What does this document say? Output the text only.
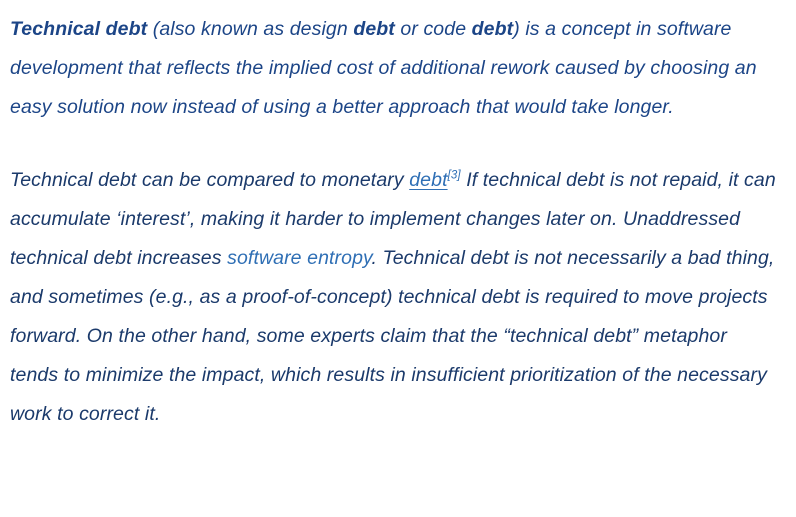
Technical debt (also known as design debt or code debt) is a concept in software development that reflects the implied cost of additional rework caused by choosing an easy solution now instead of using a better approach that would take longer.

Technical debt can be compared to monetary debt[3] If technical debt is not repaid, it can accumulate ‘interest’, making it harder to implement changes later on. Unaddressed technical debt increases software entropy. Technical debt is not necessarily a bad thing, and sometimes (e.g., as a proof-of-concept) technical debt is required to move projects forward. On the other hand, some experts claim that the “technical debt” metaphor tends to minimize the impact, which results in insufficient prioritization of the necessary work to correct it.
